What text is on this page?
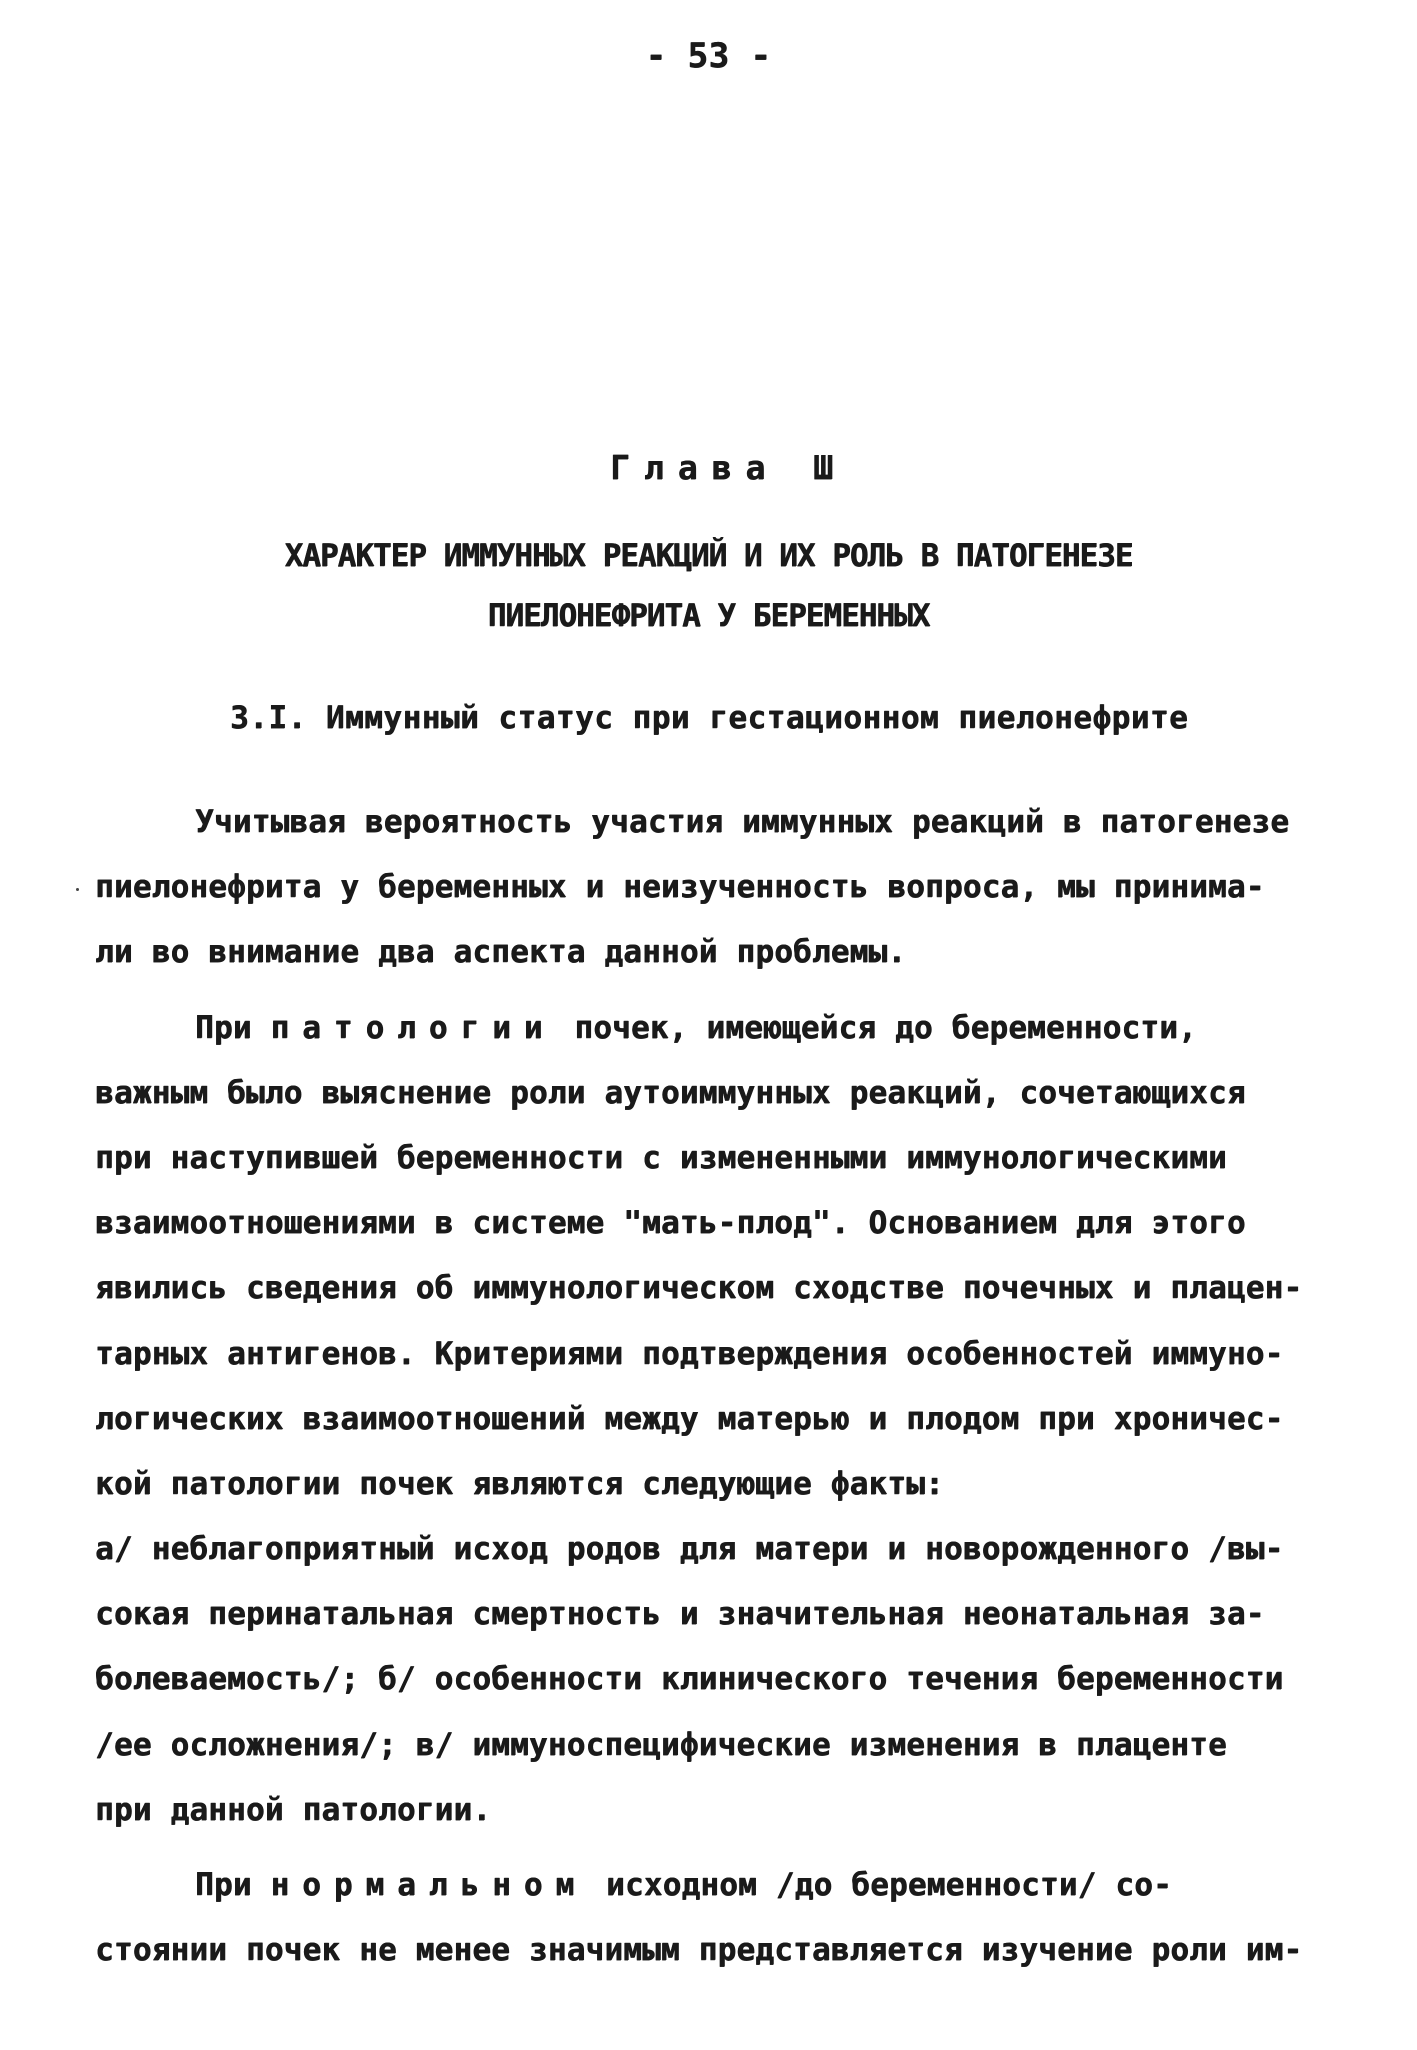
- 53 -
Глава Ш
ХАРАКТЕР ИММУННЫХ РЕАКЦИЙ И ИХ РОЛЬ В ПАТОГЕНЕЗЕ
ПИЕЛОНЕФРИТА У БЕРЕМЕННЫХ
3.I. Иммунный статус при гестационном пиелонефрите
Учитывая вероятность участия иммунных реакций в патогенезе
пиелонефрита у беременных и неизученность вопроса, мы принима-
ли во внимание два аспекта данной проблемы.
При патологии почек, имеющейся до беременности,
важным было выяснение роли аутоиммунных реакций, сочетающихся
при наступившей беременности с измененными иммунологическими
взаимоотношениями в системе "мать-плод". Основанием для этого
явились сведения об иммунологическом сходстве почечных и плацен-
тарных антигенов. Критериями подтверждения особенностей иммуно-
логических взаимоотношений между матерью и плодом при хроничес-
кой патологии почек являются следующие факты:
а/ неблагоприятный исход родов для матери и новорожденного /вы-
сокая перинатальная смертность и значительная неонатальная за-
болеваемость/; б/ особенности клинического течения беременности
/ее осложнения/; в/ иммуноспецифические изменения в плаценте
при данной патологии.
При нормальном исходном /до беременности/ со-
стоянии почек не менее значимым представляется изучение роли им-
